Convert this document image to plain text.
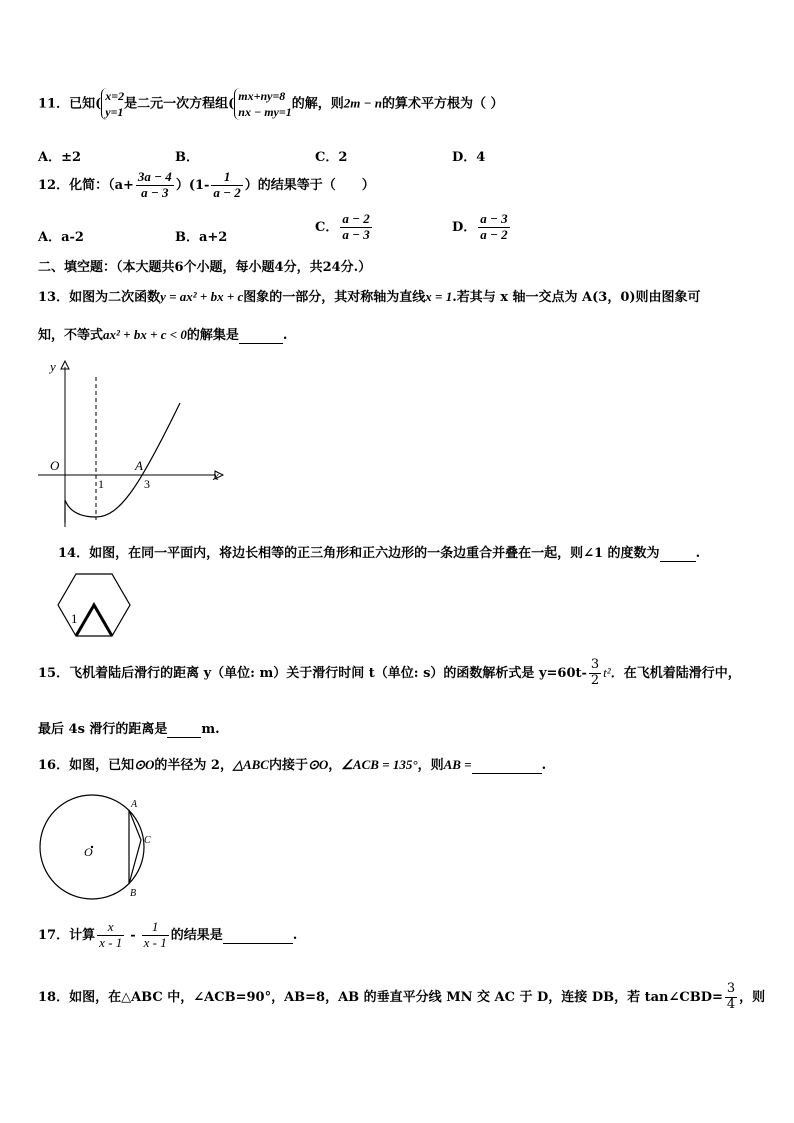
11．已知(
x=2
y=1
是二元一次方程组(
mx+ny=8
nx − my=1
的解，则2m − n的算术平方根为（ ）
A．±2	B．	C．2	D．4
12．化简：$(a+ \frac{3a - 4}{a - 3} )(1- \frac{1}{a - 2}$ ）的结果等于（　　）
A．a-2	B．a+2
C． $\frac{a - 2}{a - 3}$	D． $\frac{a - 3}{a - 2}$
二、填空题：（本大题共6个小题，每小题4分，共24分.）
13．如图为二次函数y = ax² + bx + c图象的一部分，其对称轴为直线x = 1.若其与 x 轴一交点为 A(3，0)则由图象可
知，不等式ax² + bx + c < 0的解集是	.
y
x
O	A
1	3
14．如图，在同一平面内，将边长相等的正三角形和正六边形的一条边重合并叠在一起，则∠1 的度数为	.
1
15．飞机着陆后滑行的距离 y（单位: m）关于滑行时间 t（单位: s）的函数解析式是 $y=60t- \frac{3}{2} t^2$．在飞机着陆滑行中，
最后 4s 滑行的距离是	m.
16．如图，已知⊙O的半径为 2，△ABC内接于⊙O，∠ACB = 135°，则AB =	.
A
C
B
O
17．计算 $\frac{x}{x - 1} - \frac{1}{x - 1}$ 的结果是	.
18．如图，在△ABC 中，∠ACB=90°，AB=8，AB 的垂直平分线 MN 交 AC 于 D，连接 DB，若 tan∠CBD= $\frac{3}{4}$ ，则
